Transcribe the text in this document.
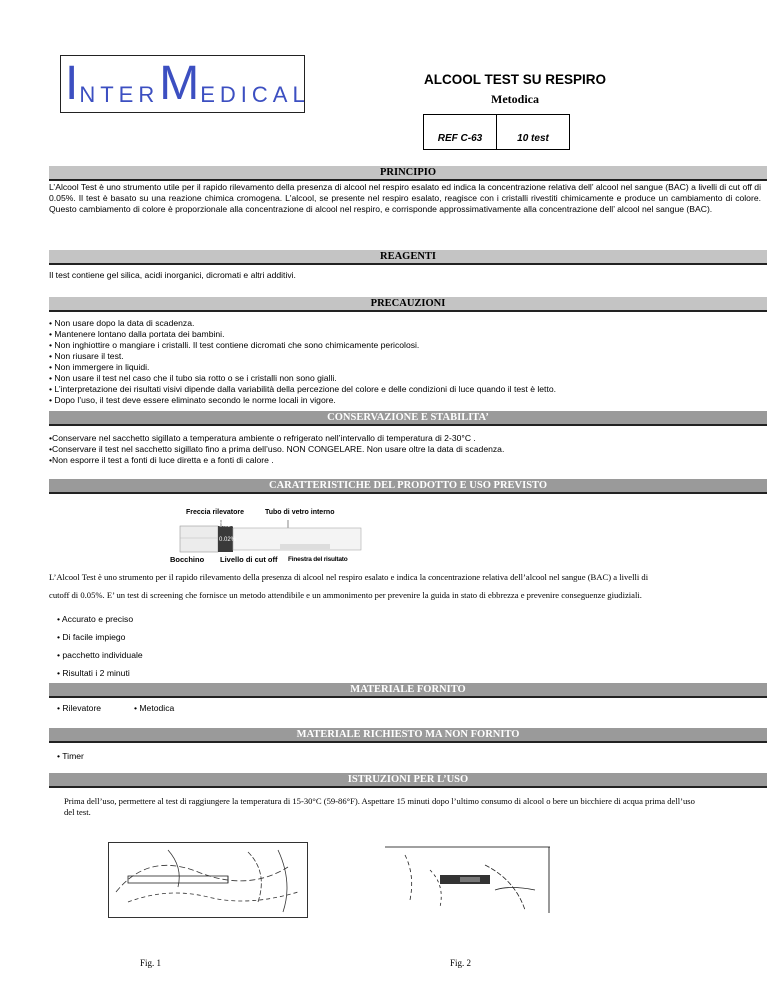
INTERMEDICAL
ALCOOL TEST SU RESPIRO
Metodica
REF C-63	10 test
PRINCIPIO
L’Alcool Test è uno strumento utile per il rapido rilevamento della presenza di alcool nel respiro esalato ed indica la concentrazione relativa dell’ alcool nel sangue (BAC) a livelli di cut off di 0.05%. Il test è basato su una reazione chimica cromogena. L'alcool, se presente nel respiro esalato, reagisce con i cristalli rivestiti chimicamente e produce un cambiamento di colore. Questo cambiamento di colore è proporzionale alla concentrazione di alcool nel respiro, e corrisponde approssimativamente alla concentrazione dell’ alcool nel sangue (BAC).
REAGENTI
Il test contiene gel silica, acidi inorganici, dicromati e altri additivi.
PRECAUZIONI
• Non usare dopo la data di scadenza.
• Mantenere lontano dalla portata dei bambini.
• Non inghiottire o mangiare i cristalli. Il test contiene dicromati che sono chimicamente pericolosi.
• Non riusare il test.
• Non immergere in liquidi.
• Non usare il test nel caso che il tubo sia rotto o se i cristalli non sono gialli.
• L’interpretazione dei risultati visivi dipende dalla variabilità della percezione del colore e delle condizioni di luce quando il test è letto.
• Dopo l’uso, il test deve essere eliminato secondo le norme locali in vigore.
CONSERVAZIONE E STABILITA’
•Conservare nel sacchetto sigillato a temperatura ambiente o refrigerato nell’intervallo di temperatura di 2-30°C .
•Conservare il test nel sacchetto sigillato fino a prima dell’uso. NON CONGELARE. Non usare oltre la data di scadenza.
•Non esporre il test a fonti di luce diretta e a fonti di calore .
CARATTERISTICHE DEL PRODOTTO E USO PREVISTO
Freccia rilevatore	Tubo di vetro interno
0.02%
0.02%
Bocchino Livello di cut off Finestra del risultato
L’Alcool Test è uno strumento per il rapido rilevamento della presenza di alcool nel respiro esalato e indica la concentrazione relativa dell’alcool nel sangue (BAC) a livelli di
cutoff di 0.05%. E’ un test di screening che fornisce un metodo attendibile e un ammonimento per prevenire la guida in stato di ebbrezza e prevenire conseguenze giudiziali.
• Accurato e preciso
• Di facile impiego
• pacchetto individuale
• Risultati i 2 minuti
MATERIALE FORNITO
• Rilevatore	• Metodica
MATERIALE RICHIESTO MA NON FORNITO
• Timer
ISTRUZIONI PER L’USO
Prima dell’uso, permettere al test di raggiungere la temperatura di 15-30°C (59-86°F). Aspettare 15 minuti dopo l’ultimo consumo di alcool o bere un bicchiere di acqua prima dell’uso del test.
Fig. 1	Fig. 2
